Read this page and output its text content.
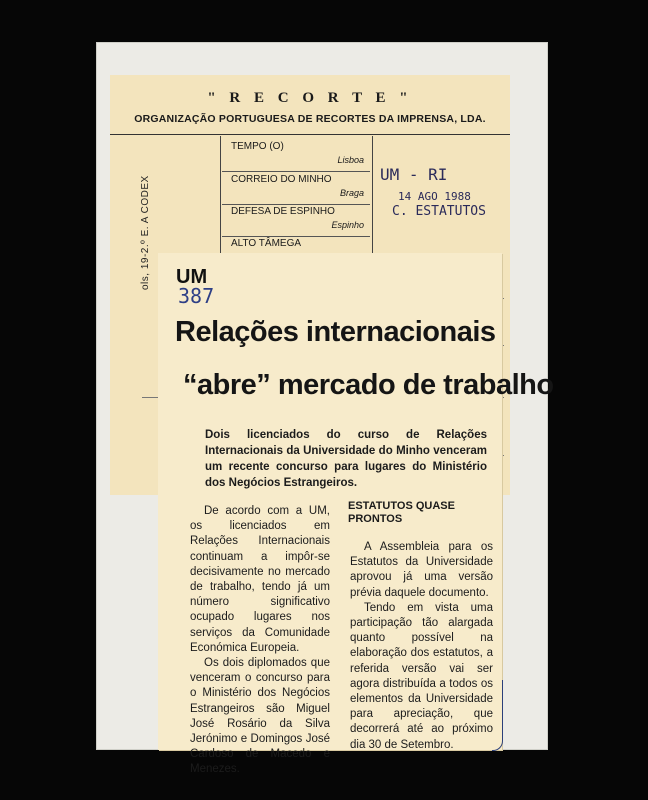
" R E C O R T E "
ORGANIZAÇÃO PORTUGUESA DE RECORTES DA IMPRENSA, LDA.
ols, 19-2.º E. A CODEX
TEMPO (O)
Lisboa
CORREIO DO MINHO
Braga
DEFESA DE ESPINHO
Espinho
ALTO TÂMEGA
UM - RI
14 AGO 1988
C. ESTATUTOS
UM
387
Relações internacionais
“abre” mercado de trabalho
Dois licenciados do curso de Relações Internacionais da Universidade do Minho venceram um recente concurso para lugares do Ministério dos Negócios Estrangeiros.

De acordo com a UM, os licenciados em Relações Internacionais continuam a impôr-se decisivamente no mercado de trabalho, tendo já um número significativo ocupado lugares nos serviços da Comunidade Económica Europeia.

Os dois diplomados que venceram o concurso para o Ministério dos Negócios Estrangeiros são Miguel José Rosário da Silva Jerónimo e Domingos José Cardoso de Macedo e Menezes.

ESTATUTOS QUASE PRONTOS

A Assembleia para os Estatutos da Universidade aprovou já uma versão prévia daquele documento.

Tendo em vista uma participação tão alargada quanto possível na elaboração dos estatutos, a referida versão vai ser agora distribuída a todos os elementos da Universidade para apreciação, que decorrerá até ao próximo dia 30 de Setembro.
